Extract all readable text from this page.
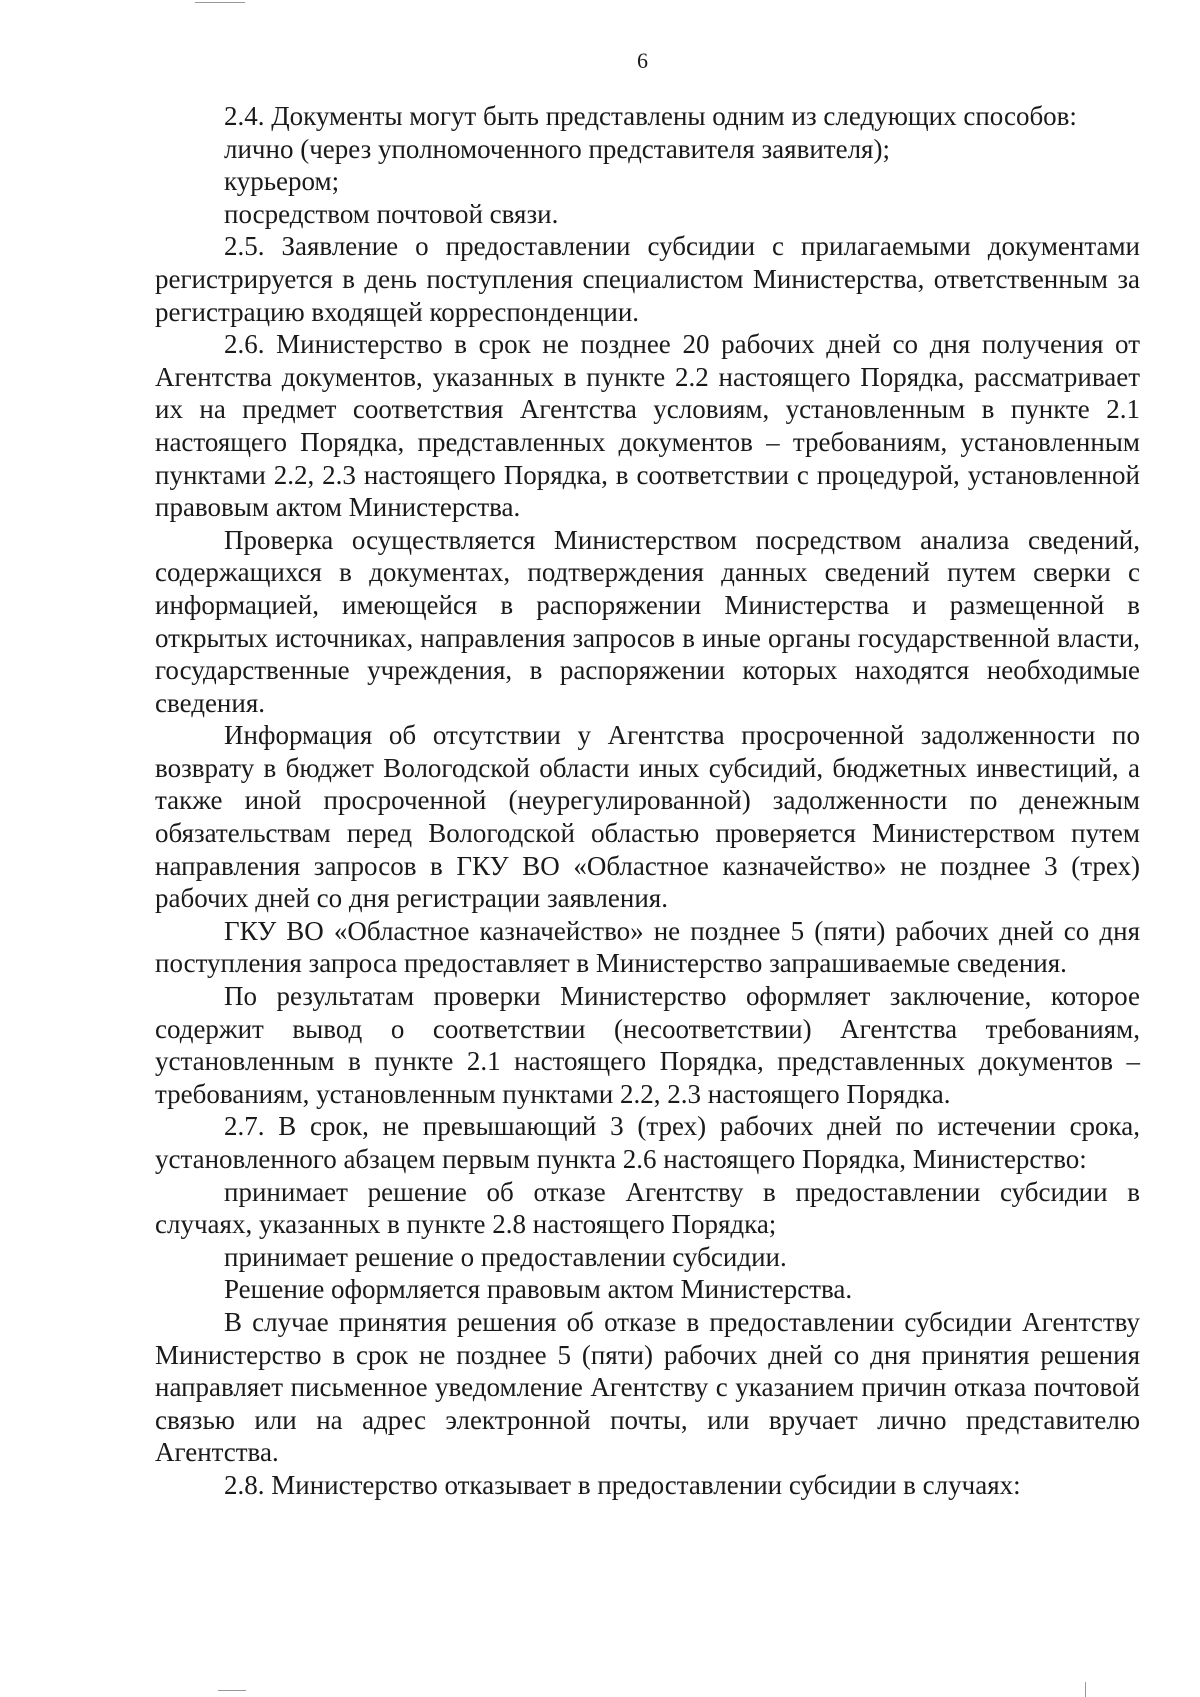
6

2.4. Документы могут быть представлены одним из следующих способов:

лично (через уполномоченного представителя заявителя);

курьером;

посредством почтовой связи.

2.5. Заявление о предоставлении субсидии с прилагаемыми документами регистрируется в день поступления специалистом Министерства, ответственным за регистрацию входящей корреспонденции.

2.6. Министерство в срок не позднее 20 рабочих дней со дня получения от Агентства документов, указанных в пункте 2.2 настоящего Порядка, рассматривает их на предмет соответствия Агентства условиям, установленным в пункте 2.1 настоящего Порядка, представленных документов – требованиям, установленным пунктами 2.2, 2.3 настоящего Порядка, в соответствии с процедурой, установленной правовым актом Министерства.

Проверка осуществляется Министерством посредством анализа сведений, содержащихся в документах, подтверждения данных сведений путем сверки с информацией, имеющейся в распоряжении Министерства и размещенной в открытых источниках, направления запросов в иные органы государственной власти, государственные учреждения, в распоряжении которых находятся необходимые сведения.

Информация об отсутствии у Агентства просроченной задолженности по возврату в бюджет Вологодской области иных субсидий, бюджетных инвестиций, а также иной просроченной (неурегулированной) задолженности по денежным обязательствам перед Вологодской областью проверяется Министерством путем направления запросов в ГКУ ВО «Областное казначейство» не позднее 3 (трех) рабочих дней со дня регистрации заявления.

ГКУ ВО «Областное казначейство» не позднее 5 (пяти) рабочих дней со дня поступления запроса предоставляет в Министерство запрашиваемые сведения.

По результатам проверки Министерство оформляет заключение, которое содержит вывод о соответствии (несоответствии) Агентства требованиям, установленным в пункте 2.1 настоящего Порядка, представленных документов – требованиям, установленным пунктами 2.2, 2.3 настоящего Порядка.

2.7. В срок, не превышающий 3 (трех) рабочих дней по истечении срока, установленного абзацем первым пункта 2.6 настоящего Порядка, Министерство:

принимает решение об отказе Агентству в предоставлении субсидии в случаях, указанных в пункте 2.8 настоящего Порядка;

принимает решение о предоставлении субсидии.

Решение оформляется правовым актом Министерства.

В случае принятия решения об отказе в предоставлении субсидии Агентству Министерство в срок не позднее 5 (пяти) рабочих дней со дня принятия решения направляет письменное уведомление Агентству с указанием причин отказа почтовой связью или на адрес электронной почты, или вручает лично представителю Агентства.

2.8. Министерство отказывает в предоставлении субсидии в случаях:
